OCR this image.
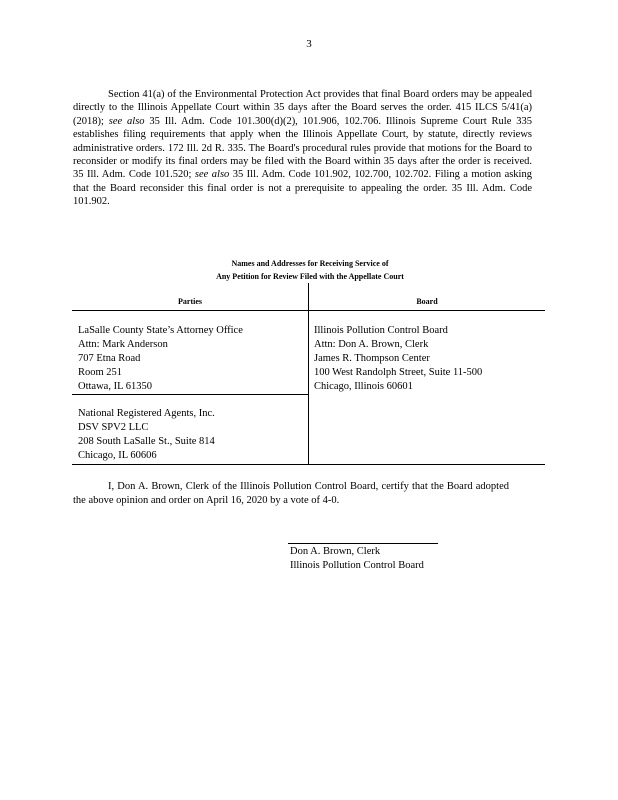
3

Section 41(a) of the Environmental Protection Act provides that final Board orders may be appealed directly to the Illinois Appellate Court within 35 days after the Board serves the order. 415 ILCS 5/41(a) (2018); see also 35 Ill. Adm. Code 101.300(d)(2), 101.906, 102.706. Illinois Supreme Court Rule 335 establishes filing requirements that apply when the Illinois Appellate Court, by statute, directly reviews administrative orders. 172 Ill. 2d R. 335. The Board's procedural rules provide that motions for the Board to reconsider or modify its final orders may be filed with the Board within 35 days after the order is received. 35 Ill. Adm. Code 101.520; see also 35 Ill. Adm. Code 101.902, 102.700, 102.702. Filing a motion asking that the Board reconsider this final order is not a prerequisite to appealing the order. 35 Ill. Adm. Code 101.902.

Names and Addresses for Receiving Service of
Any Petition for Review Filed with the Appellate Court
Parties	Board
LaSalle County State’s Attorney Office
Attn: Mark Anderson
707 Etna Road
Room 251
Ottawa, IL 61350
National Registered Agents, Inc.
DSV SPV2 LLC
208 South LaSalle St., Suite 814
Chicago, IL 60606
Illinois Pollution Control Board
Attn: Don A. Brown, Clerk
James R. Thompson Center
100 West Randolph Street, Suite 11-500
Chicago, Illinois 60601

I, Don A. Brown, Clerk of the Illinois Pollution Control Board, certify that the Board adopted the above opinion and order on April 16, 2020 by a vote of 4-0.

Don A. Brown, Clerk
Illinois Pollution Control Board
